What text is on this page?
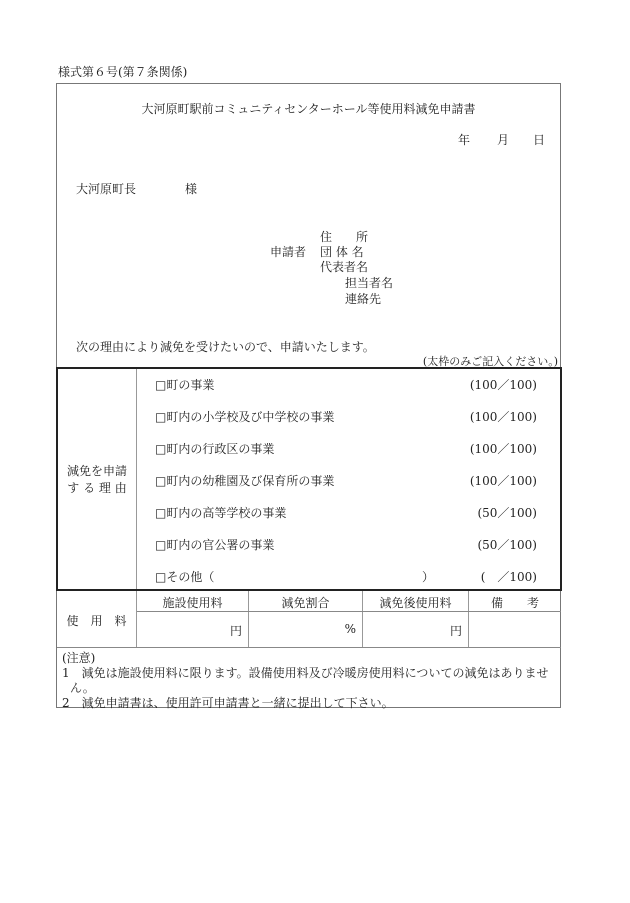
様式第６号(第７条関係)
大河原町駅前コミュニティセンターホール等使用料減免申請書
年 月 日
大河原町長	様
申請者
住　　所
団 体 名
代表者名
担当者名
連絡先
次の理由により減免を受けたいので、申請いたします。
(太枠のみご記入ください。)
減免を申請
す る 理 由
□町の事業	(100／100)
□町内の小学校及び中学校の事業	(100／100)
□町内の行政区の事業	(100／100)
□町内の幼稚園及び保育所の事業	(100／100)
□町内の高等学校の事業	(50／100)
□町内の官公署の事業	(50／100)
□その他（	）	(　／100)
使　用　料
施設使用料	減免割合	減免後使用料	備　　考
円	%	円
(注意)
1　減免は施設使用料に限ります。設備使用料及び冷暖房使用料についての減免はありませ
ん。
2　減免申請書は、使用許可申請書と一緒に提出して下さい。
